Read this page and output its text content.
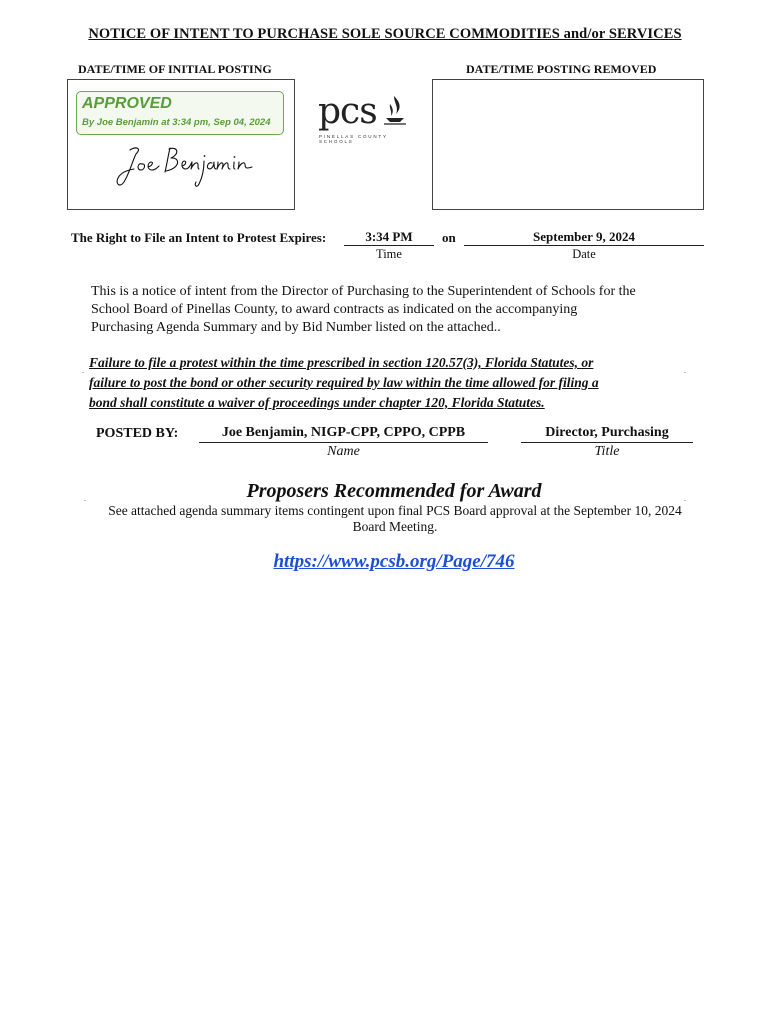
NOTICE OF INTENT TO PURCHASE SOLE SOURCE COMMODITIES and/or SERVICES
DATE/TIME OF INITIAL POSTING	DATE/TIME POSTING REMOVED
APPROVED
By Joe Benjamin at 3:34 pm, Sep 04, 2024 pcs
PINELLAS COUNTY SCHOOLS
The Right to File an Intent to Protest Expires:	3:34 PM
Time
on	September 9, 2024
Date
This is a notice of intent from the Director of Purchasing to the Superintendent of Schools for the
School Board of Pinellas County, to award contracts as indicated on the accompanying
Purchasing Agenda Summary and by Bid Number listed on the attached..
.	.
Failure to file a protest within the time prescribed in section 120.57(3), Florida Statutes, or
failure to post the bond or other security required by law within the time allowed for filing a
bond shall constitute a waiver of proceedings under chapter 120, Florida Statutes.
POSTED BY:	Joe Benjamin, NIGP-CPP, CPPO, CPPB
Name
Director, Purchasing
Title
.	.
Proposers Recommended for Award
See attached agenda summary items contingent upon final PCS Board approval at the September 10, 2024
Board Meeting.
https://www.pcsb.org/Page/746
